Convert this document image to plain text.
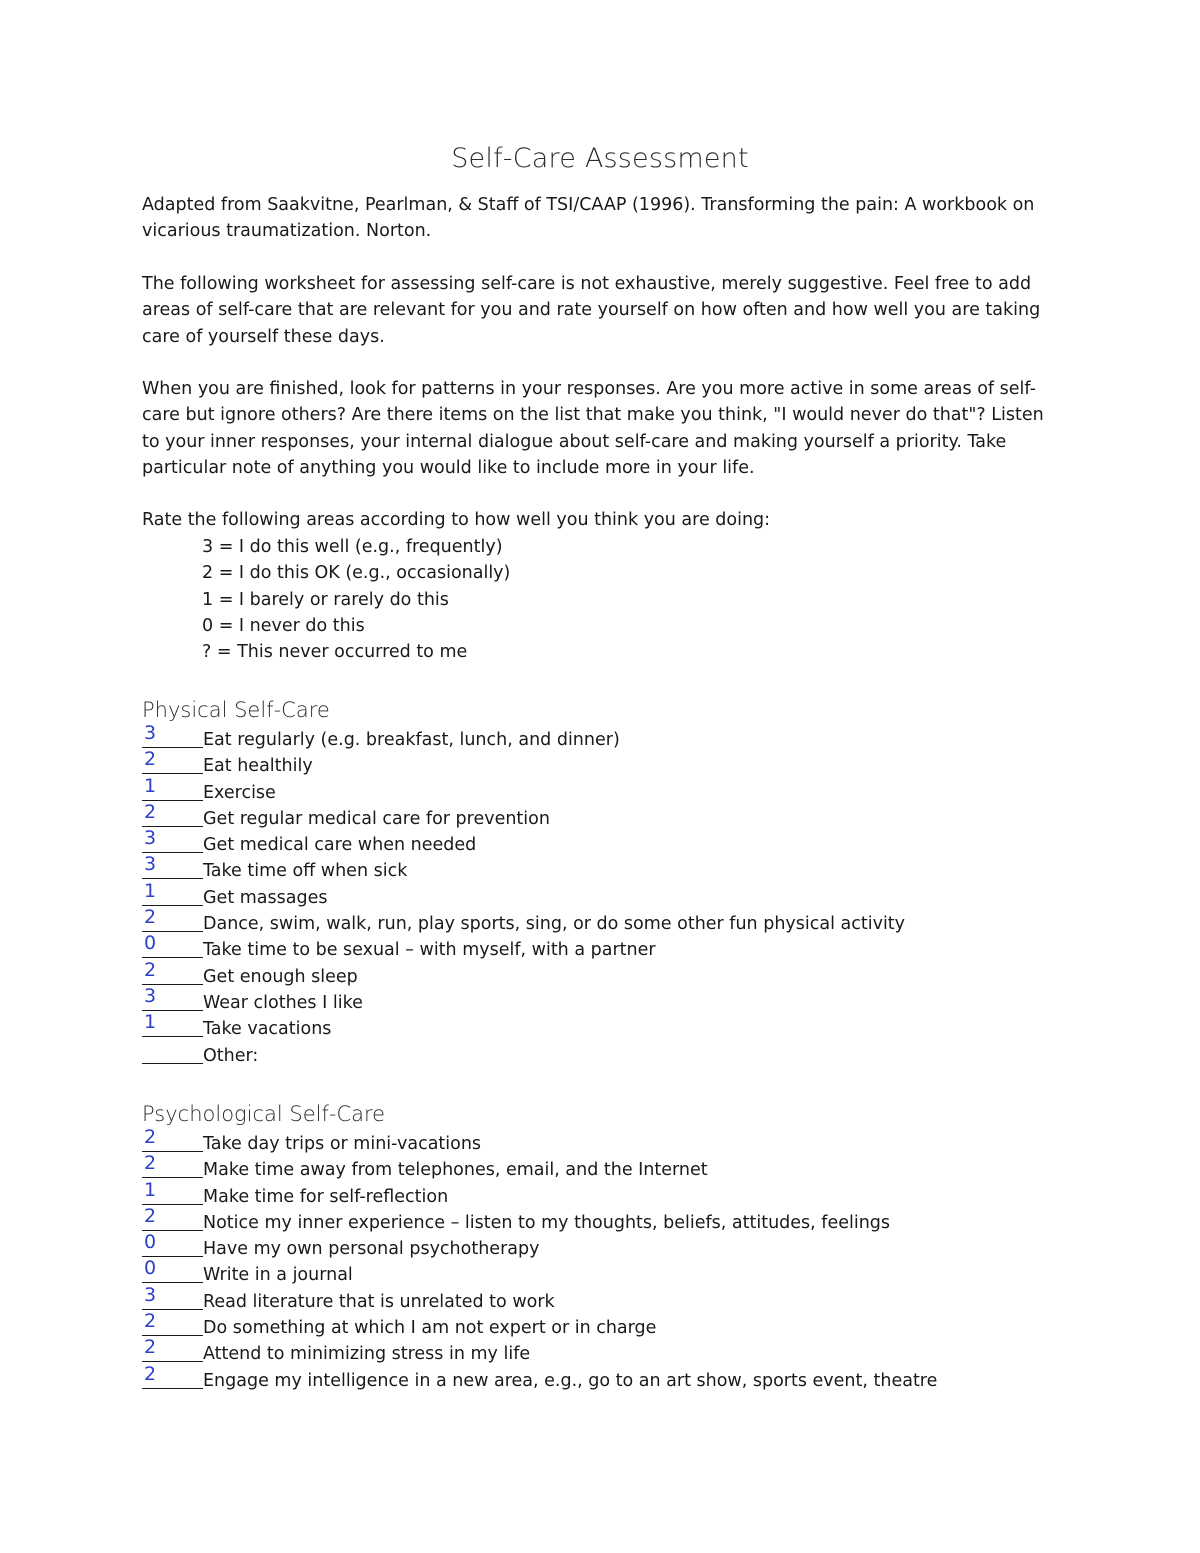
Self-Care Assessment

Adapted from Saakvitne, Pearlman, & Staff of TSI/CAAP (1996). Transforming the pain: A workbook on
vicarious traumatization. Norton.

The following worksheet for assessing self-care is not exhaustive, merely suggestive. Feel free to add
areas of self-care that are relevant for you and rate yourself on how often and how well you are taking
care of yourself these days.

When you are finished, look for patterns in your responses. Are you more active in some areas of self-
care but ignore others? Are there items on the list that make you think, "I would never do that"? Listen
to your inner responses, your internal dialogue about self-care and making yourself a priority. Take
particular note of anything you would like to include more in your life.

Rate the following areas according to how well you think you are doing:
3 = I do this well (e.g., frequently)
2 = I do this OK (e.g., occasionally)
1 = I barely or rarely do this
0 = I never do this
? = This never occurred to me
Physical Self-Care
3	Eat regularly (e.g. breakfast, lunch, and dinner)
2	Eat healthily
1	Exercise
2	Get regular medical care for prevention
3	Get medical care when needed
3	Take time off when sick
1	Get massages
2	Dance, swim, walk, run, play sports, sing, or do some other fun physical activity
0	Take time to be sexual – with myself, with a partner
2	Get enough sleep
3	Wear clothes I like
1	Take vacations
Other:
Psychological Self-Care
2	Take day trips or mini-vacations
2	Make time away from telephones, email, and the Internet
1	Make time for self-reflection
2	Notice my inner experience – listen to my thoughts, beliefs, attitudes, feelings
0	Have my own personal psychotherapy
0	Write in a journal
3	Read literature that is unrelated to work
2	Do something at which I am not expert or in charge
2	Attend to minimizing stress in my life
2	Engage my intelligence in a new area, e.g., go to an art show, sports event, theatre
